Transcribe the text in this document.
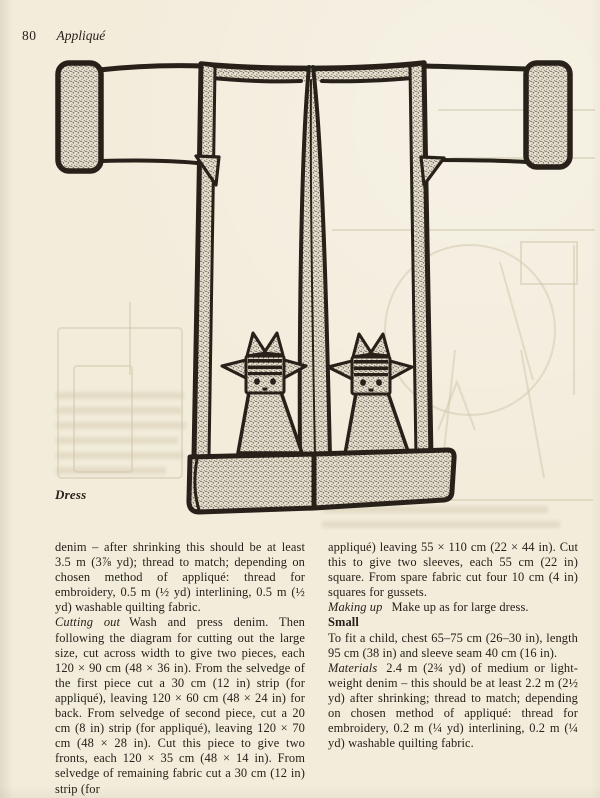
80 Appliqué
Dress

denim – after shrinking this should be at least 3.5 m (3⅞ yd); thread to match; depending on chosen method of appliqué: thread for embroidery, 0.5 m (½ yd) interlining, 0.5 m (½ yd) washable quilting fabric.

Cutting out Wash and press denim. Then following the diagram for cutting out the large size, cut across width to give two pieces, each 120 × 90 cm (48 × 36 in). From the selvedge of the first piece cut a 30 cm (12 in) strip (for appliqué), leaving 120 × 60 cm (48 × 24 in) for back. From selvedge of second piece, cut a 20 cm (8 in) strip (for appliqué), leaving 120 × 70 cm (48 × 28 in). Cut this piece to give two fronts, each 120 × 35 cm (48 × 14 in). From selvedge of remaining fabric cut a 30 cm (12 in) strip (for

appliqué) leaving 55 × 110 cm (22 × 44 in). Cut this to give two sleeves, each 55 cm (22 in) square. From spare fabric cut four 10 cm (4 in) squares for gussets.

Making up Make up as for large dress.

Small

To fit a child, chest 65–75 cm (26–30 in), length 95 cm (38 in) and sleeve seam 40 cm (16 in).

Materials 2.4 m (2¾ yd) of medium or light-weight denim – this should be at least 2.2 m (2½ yd) after shrinking; thread to match; depending on chosen method of appliqué: thread for embroidery, 0.2 m (¼ yd) interlining, 0.2 m (¼ yd) washable quilting fabric.
